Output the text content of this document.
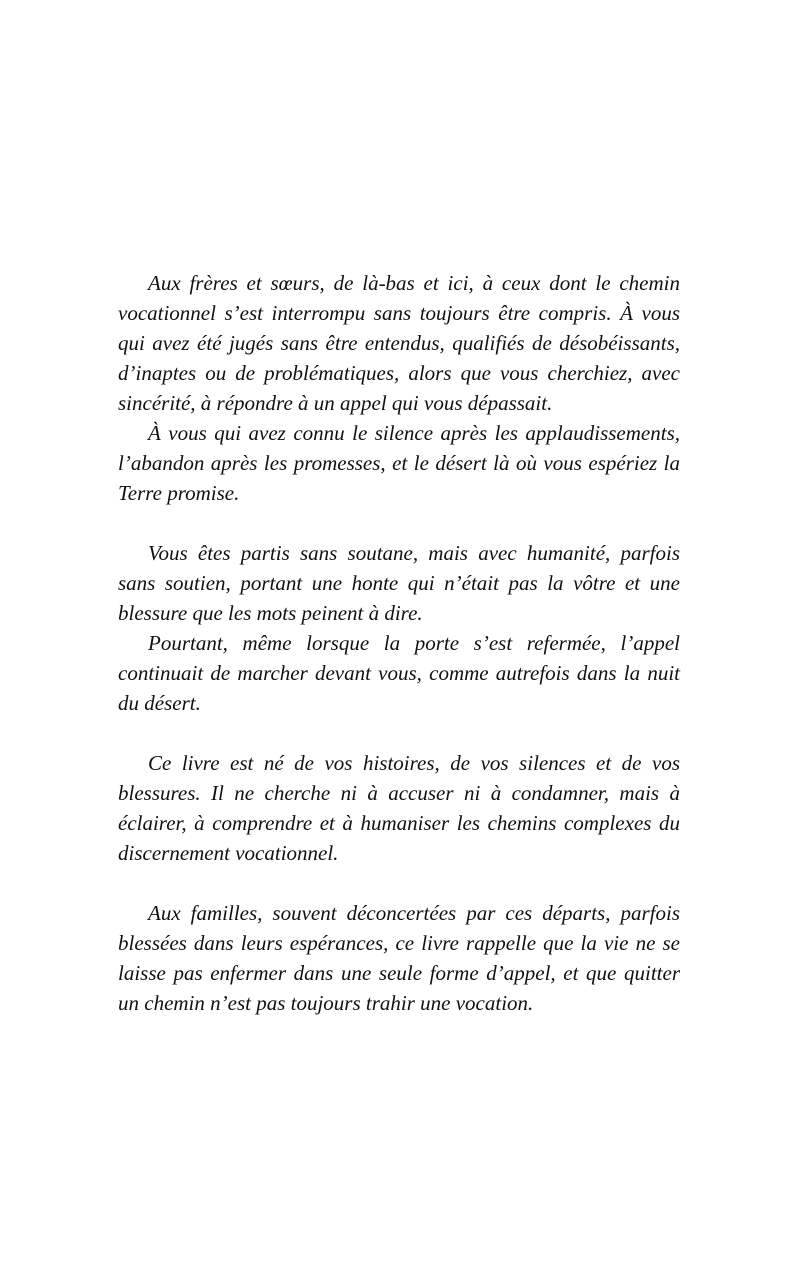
Aux frères et sœurs, de là-bas et ici, à ceux dont le chemin vocationnel s’est interrompu sans toujours être compris. À vous qui avez été jugés sans être entendus, qualifiés de désobéissants, d’inaptes ou de problématiques, alors que vous cherchiez, avec sincérité, à répondre à un appel qui vous dépassait.

À vous qui avez connu le silence après les applaudissements, l’abandon après les promesses, et le désert là où vous espériez la Terre promise.

Vous êtes partis sans soutane, mais avec humanité, parfois sans soutien, portant une honte qui n’était pas la vôtre et une blessure que les mots peinent à dire.

Pourtant, même lorsque la porte s’est refermée, l’appel continuait de marcher devant vous, comme autrefois dans la nuit du désert.

Ce livre est né de vos histoires, de vos silences et de vos blessures. Il ne cherche ni à accuser ni à condamner, mais à éclairer, à comprendre et à humaniser les chemins complexes du discernement vocationnel.

Aux familles, souvent déconcertées par ces départs, parfois blessées dans leurs espérances, ce livre rappelle que la vie ne se laisse pas enfermer dans une seule forme d’appel, et que quitter un chemin n’est pas toujours trahir une vocation.
